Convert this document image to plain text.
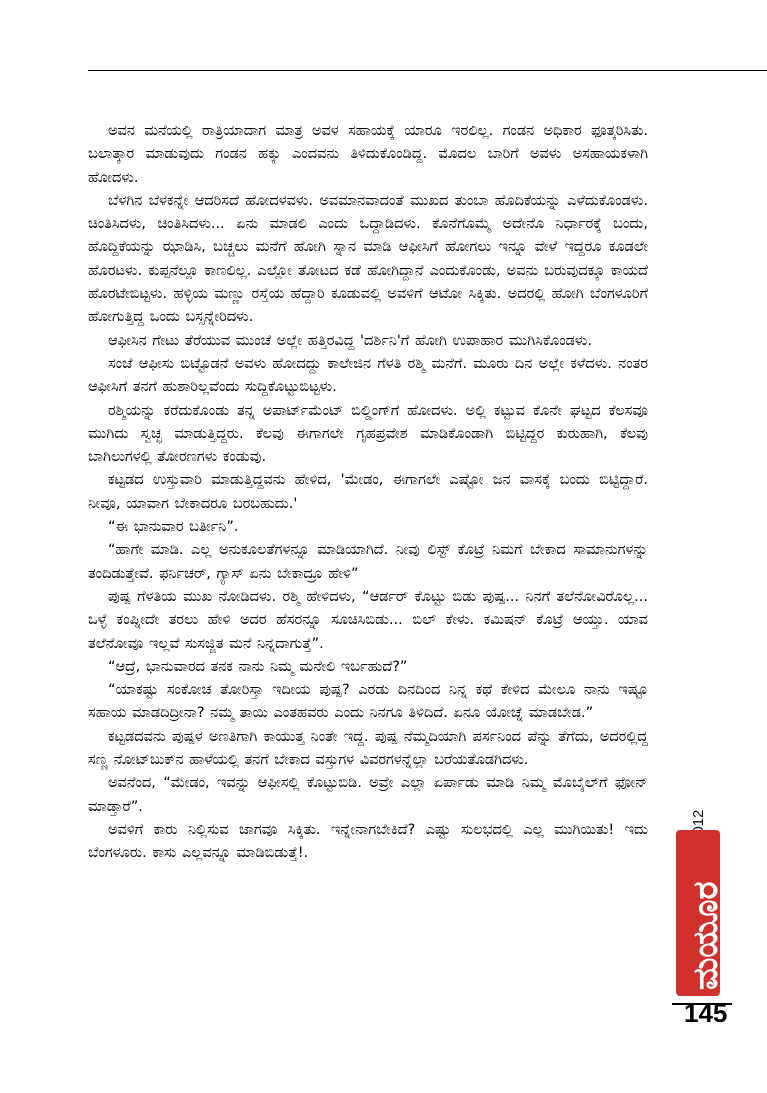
ಅವನ ಮನೆಯಲ್ಲಿ ರಾತ್ರಿಯಾದಾಗ ಮಾತ್ರ ಅವಳ ಸಹಾಯಕ್ಕೆ ಯಾರೂ ಇರಲಿಲ್ಲ. ಗಂಡನ ಅಧಿಕಾರ ಫೂತ್ಕರಿಸಿತು. ಬಲಾತ್ಕಾರ ಮಾಡುವುದು ಗಂಡನ ಹಕ್ಕು ಎಂದವನು ತಿಳಿದುಕೊಂಡಿದ್ದ. ಮೊದಲ ಬಾರಿಗೆ ಅವಳು ಅಸಹಾಯಕಳಾಗಿ ಹೋದಳು.

ಬೆಳಗಿನ ಬೆಳಕನ್ನೇ ಆದರಿಸದೆ ಹೋದಳವಳು. ಅವಮಾನವಾದಂತೆ ಮುಖದ ತುಂಬಾ ಹೊದಿಕೆಯನ್ನು ಎಳೆದುಕೊಂಡಳು. ಚಿಂತಿಸಿದಳು, ಚಿಂತಿಸಿದಳು... ಏನು ಮಾಡಲಿ ಎಂದು ಒದ್ದಾಡಿದಳು. ಕೊನೆಗೊಮ್ಮೆ ಅದೇನೊ ನಿರ್ಧಾರಕ್ಕೆ ಬಂದು, ಹೊದ್ದಿಕೆಯನ್ನು ಝಾಡಿಸಿ, ಬಚ್ಚಲು ಮನೆಗೆ ಹೋಗಿ ಸ್ನಾನ ಮಾಡಿ ಆಫೀಸಿಗೆ ಹೋಗಲು ಇನ್ನೂ ವೇಳೆ ಇದ್ದರೂ ಕೂಡಲೇ ಹೊರಟಳು. ಕುಪ್ಪನೆಲ್ಲೂ ಕಾಣಲಿಲ್ಲ. ಎಲ್ಲೋ ತೋಟದ ಕಡೆ ಹೋಗಿದ್ದಾನೆ ಎಂದುಕೊಂಡು, ಅವನು ಬರುವುದಕ್ಕೂ ಕಾಯದೆ ಹೊರಟೇಬಿಟ್ಟಳು. ಹಳ್ಳಿಯ ಮಣ್ಣು ರಸ್ತೆಯ ಹೆದ್ದಾರಿ ಕೂಡುವಲ್ಲಿ ಅವಳಿಗೆ ಆಟೋ ಸಿಕ್ಕಿತು. ಅದರಲ್ಲಿ ಹೋಗಿ ಬೆಂಗಳೂರಿಗೆ ಹೋಗುತ್ತಿದ್ದ ಒಂದು ಬಸ್ಸನ್ನೇರಿದಳು.

ಆಫೀಸಿನ ಗೇಟು ತೆರೆಯುವ ಮುಂಚೆ ಅಲ್ಲೇ ಹತ್ತಿರವಿದ್ದ 'ದರ್ಶಿನಿ'ಗೆ ಹೋಗಿ ಉಪಾಹಾರ ಮುಗಿಸಿಕೊಂಡಳು.

ಸಂಜೆ ಆಫೀಸು ಬಿಟ್ಟೊಡನೆ ಅವಳು ಹೋದದ್ದು ಕಾಲೇಜಿನ ಗೆಳತಿ ರಶ್ಮಿ ಮನೆಗೆ. ಮೂರು ದಿನ ಅಲ್ಲೇ ಕಳೆದಳು. ನಂತರ ಆಫೀಸಿಗೆ ತನಗೆ ಹುಶಾರಿಲ್ಲವೆಂದು ಸುದ್ದಿಕೊಟ್ಟುಬಿಟ್ಟಳು.

ರಶ್ಮಿಯನ್ನು ಕರೆದುಕೊಂಡು ತನ್ನ ಅಪಾರ್ಟ್‌ಮೆಂಟ್ ಬಿಲ್ಡಿಂಗ್‌ಗೆ ಹೋದಳು. ಅಲ್ಲಿ ಕಟ್ಟುವ ಕೊನೇ ಘಟ್ಟದ ಕೆಲಸವೂ ಮುಗಿದು ಸ್ವಚ್ಛ ಮಾಡುತ್ತಿದ್ದರು. ಕೆಲವು ಈಗಾಗಲೇ ಗೃಹಪ್ರವೇಶ ಮಾಡಿಕೊಂಡಾಗಿ ಬಿಟ್ಟಿದ್ದರ ಕುರುಹಾಗಿ, ಕೆಲವು ಬಾಗಿಲುಗಳಲ್ಲಿ ತೋರಣಗಳು ಕಂಡುವು.

ಕಟ್ಟಡದ ಉಸ್ತುವಾರಿ ಮಾಡುತ್ತಿದ್ದವನು ಹೇಳಿದ, 'ಮೇಡಂ, ಈಗಾಗಲೇ ಎಷ್ಟೋ ಜನ ವಾಸಕ್ಕೆ ಬಂದು ಬಿಟ್ಟಿದ್ದಾರೆ. ನೀವೂ, ಯಾವಾಗ ಬೇಕಾದರೂ ಬರಬಹುದು.'

“ಈ ಭಾನುವಾರ ಬರ್ತೀನಿ”.

“ಹಾಗೇ ಮಾಡಿ. ಎಲ್ಲ ಅನುಕೂಲತೆಗಳನ್ನೂ ಮಾಡಿಯಾಗಿದೆ. ನೀವು ಲಿಸ್ಟ್ ಕೊಟ್ರೆ ನಿಮಗೆ ಬೇಕಾದ ಸಾಮಾನುಗಳನ್ನು ತಂದಿಡುತ್ತೇವೆ. ಫರ್ನಿಚರ್, ಗ್ಯಾಸ್ ಏನು ಬೇಕಾದ್ರೂ ಹೇಳಿ”

ಪುಷ್ಪ ಗೆಳತಿಯ ಮುಖ ನೋಡಿದಳು. ರಶ್ಮಿ ಹೇಳಿದಳು, “ಆರ್ಡರ್ ಕೊಟ್ಟು ಬಿಡು ಪುಷ್ಪ... ನಿನಗೆ ತಲೆನೋವಿರೊಲ್ಲ... ಒಳ್ಳೆ ಕಂಪ್ನೀದೇ ತರಲು ಹೇಳಿ ಅದರ ಹೆಸರನ್ನೂ ಸೂಚಿಸಿಬಿಡು... ಬಿಲ್ ಕೇಳು. ಕಮಿಷನ್ ಕೊಟ್ರೆ ಆಯ್ತು. ಯಾವ ತಲೆನೋವೂ ಇಲ್ಲವೆ ಸುಸಜ್ಜಿತ ಮನೆ ನಿನ್ನದಾಗುತ್ತೆ”.

“ಆದ್ರೆ, ಭಾನುವಾರದ ತನಕ ನಾನು ನಿಮ್ಮ ಮನೇಲಿ ಇರ್ಬಹುದೆ?”

“ಯಾಕಷ್ಟು ಸಂಕೋಚ ತೋರಿಸ್ತಾ ಇದೀಯ ಪುಷ್ಪ? ಎರಡು ದಿನದಿಂದ ನಿನ್ನ ಕಥೆ ಕೇಳಿದ ಮೇಲೂ ನಾನು ಇಷ್ಟೂ ಸಹಾಯ ಮಾಡದಿದ್ರೀನಾ? ನಮ್ಮ ತಾಯಿ ಎಂತಹವರು ಎಂದು ನಿನಗೂ ತಿಳಿದಿದೆ. ಏನೂ ಯೋಚ್ನೆ ಮಾಡಬೇಡ.”

ಕಟ್ಟಡದವನು ಪುಷ್ಪಳ ಅಣತಿಗಾಗಿ ಕಾಯುತ್ತ ನಿಂತೇ ಇದ್ದ. ಪುಷ್ಪ ನೆಮ್ಮದಿಯಾಗಿ ಪರ್ಸನಿಂದ ಪೆನ್ನು ತೆಗೆದು, ಅದರಲ್ಲಿದ್ದ ಸಣ್ಣ ನೋಟ್‌ಬುಕ್‌ನ ಹಾಳೆಯಲ್ಲಿ ತನಗೆ ಬೇಕಾದ ವಸ್ತುಗಳ ವಿವರಗಳನ್ನೆಲ್ಲಾ ಬರೆಯತೊಡಗಿದಳು.

ಅವನೆಂದ, “ಮೇಡಂ, ಇವನ್ನು ಆಫೀಸಲ್ಲಿ ಕೊಟ್ಟುಬಿಡಿ. ಅವ್ರೇ ಎಲ್ಲಾ ಏರ್ಪಾಡು ಮಾಡಿ ನಿಮ್ಮ ಮೊಬೈಲ್‌ಗೆ ಫೋನ್ ಮಾಡ್ತಾರೆ”.

ಅವಳಿಗೆ ಕಾರು ನಿಲ್ಲಿಸುವ ಜಾಗವೂ ಸಿಕ್ಕಿತು. ಇನ್ನೇನಾಗಬೇಕಿದೆ? ಎಷ್ಟು ಸುಲಭದಲ್ಲಿ ಎಲ್ಲ ಮುಗಿಯಿತು! ಇದು ಬೆಂಗಳೂರು. ಕಾಸು ಎಲ್ಲವನ್ನೂ ಮಾಡಿಬಿಡುತ್ತೆ!.

ಮಯೂರ
145
